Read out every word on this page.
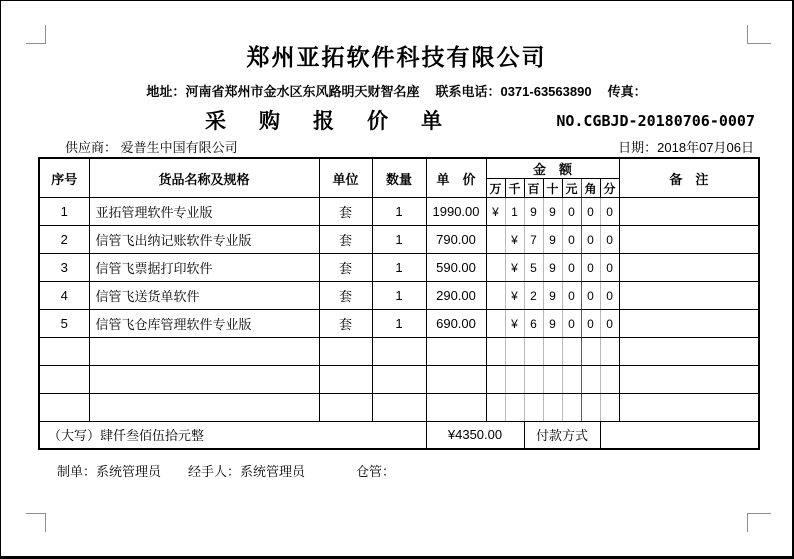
郑州亚拓软件科技有限公司
地址：河南省郑州市金水区东风路明天财智名座 联系电话：0371-63563890 传真：
采　购　报　价　单	NO.CGBJD-20180706-0007
供应商： 爱普生中国有限公司	日期：2018年07月06日
序号	货品名称及规格	单位	数量	单　价	金　额							备　注
					万	千	百	十	元	角	分	
1	亚拓管理软件专业版	套	1	1990.00	¥	1	9	9	0	0	0	
2	信管飞出纳记账软件专业版	套	1	790.00		¥	7	9	0	0	0	
3	信管飞票据打印软件	套	1	590.00		¥	5	9	0	0	0	
4	信管飞送货单软件	套	1	290.00		¥	2	9	0	0	0	
5	信管飞仓库管理软件专业版	套	1	690.00		¥	6	9	0	0	0	

（大写）肆仟叁佰伍拾元整				¥4350.00			付款方式					
制单：系统管理员 经手人：系统管理员	仓管：
